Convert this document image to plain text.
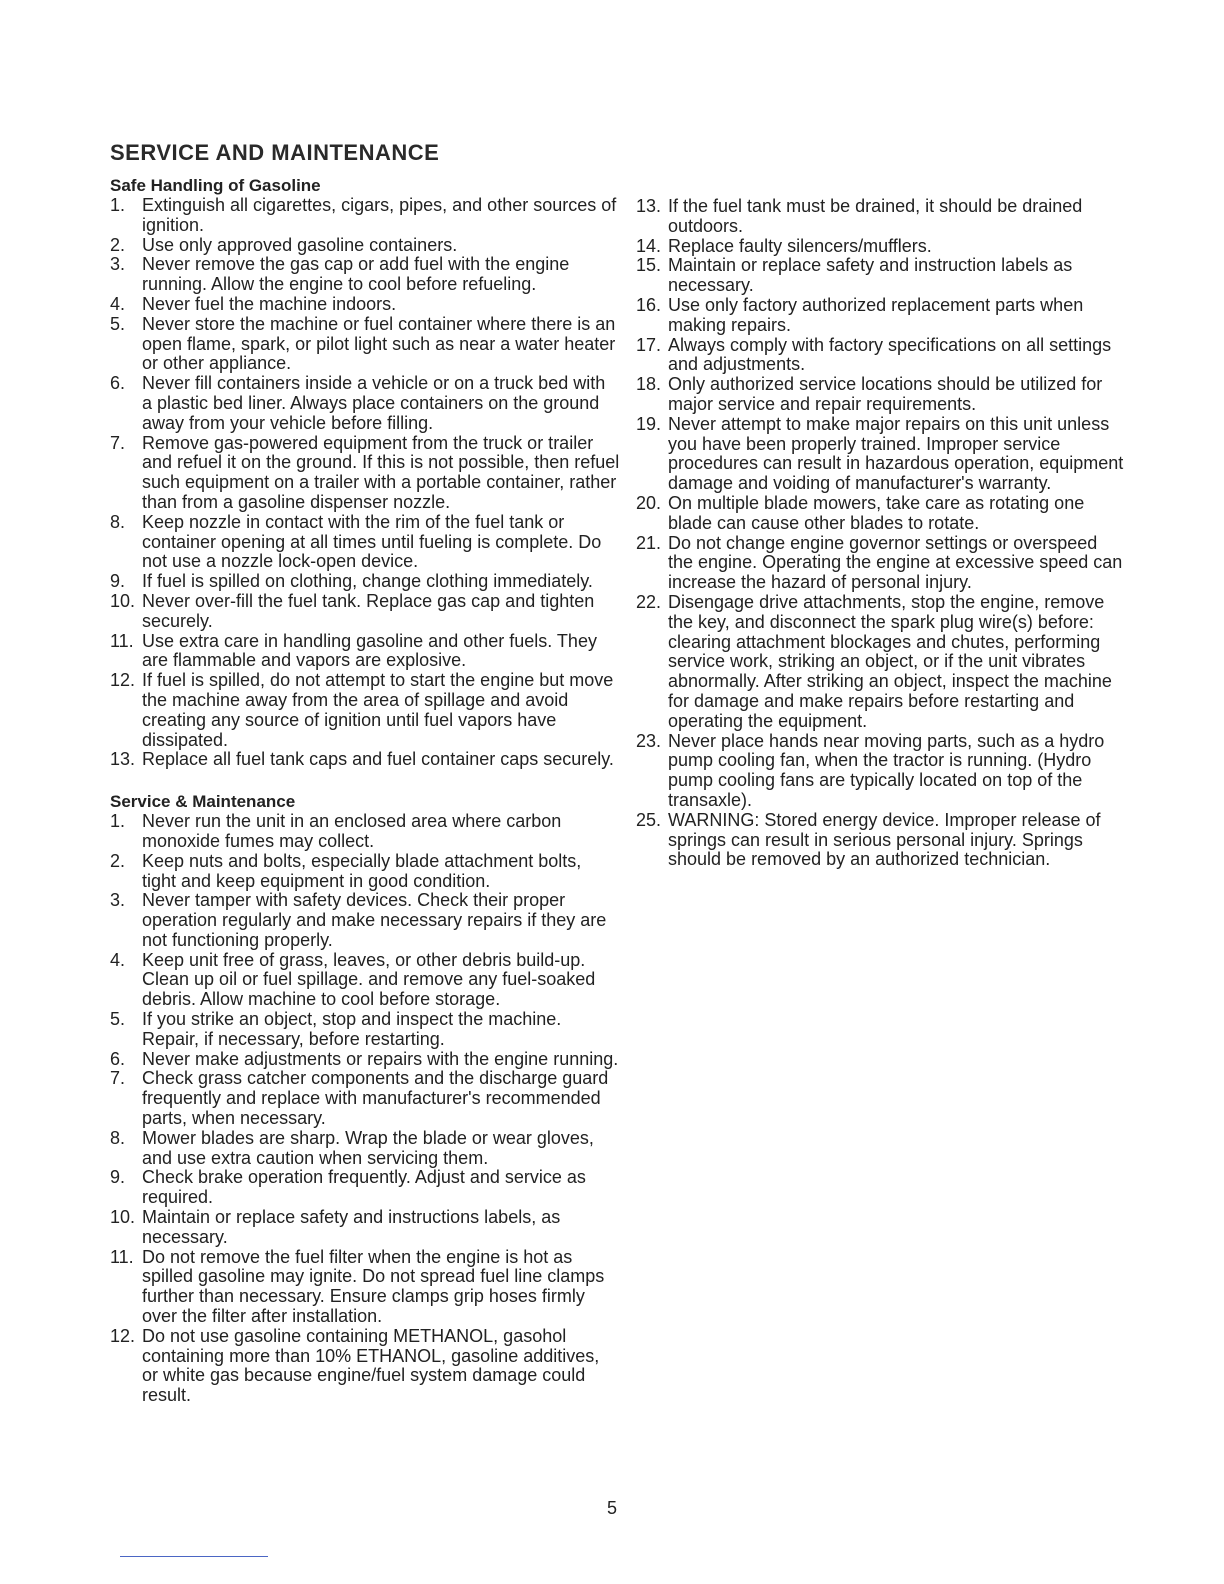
SERVICE AND MAINTENANCE
Safe Handling of Gasoline
1. Extinguish all cigarettes, cigars, pipes, and other sources of ignition.
2. Use only approved gasoline containers.
3. Never remove the gas cap or add fuel with the engine running. Allow the engine to cool before refueling.
4. Never fuel the machine indoors.
5. Never store the machine or fuel container where there is an open flame, spark, or pilot light such as near a water heater or other appliance.
6. Never fill containers inside a vehicle or on a truck bed with a plastic bed liner. Always place containers on the ground away from your vehicle before filling.
7. Remove gas-powered equipment from the truck or trailer and refuel it on the ground. If this is not possible, then refuel such equipment on a trailer with a portable container, rather than from a gasoline dispenser nozzle.
8. Keep nozzle in contact with the rim of the fuel tank or container opening at all times until fueling is complete. Do not use a nozzle lock-open device.
9. If fuel is spilled on clothing, change clothing immediately.
10. Never over-fill the fuel tank. Replace gas cap and tighten securely.
11. Use extra care in handling gasoline and other fuels. They are flammable and vapors are explosive.
12. If fuel is spilled, do not attempt to start the engine but move the machine away from the area of spillage and avoid creating any source of ignition until fuel vapors have dissipated.
13. Replace all fuel tank caps and fuel container caps securely.
Service & Maintenance
1. Never run the unit in an enclosed area where carbon monoxide fumes may collect.
2. Keep nuts and bolts, especially blade attachment bolts, tight and keep equipment in good condition.
3. Never tamper with safety devices. Check their proper operation regularly and make necessary repairs if they are not functioning properly.
4. Keep unit free of grass, leaves, or other debris build-up. Clean up oil or fuel spillage. and remove any fuel-soaked debris. Allow machine to cool before storage.
5. If you strike an object, stop and inspect the machine. Repair, if necessary, before restarting.
6. Never make adjustments or repairs with the engine running.
7. Check grass catcher components and the discharge guard frequently and replace with manufacturer's recommended parts, when necessary.
8. Mower blades are sharp. Wrap the blade or wear gloves, and use extra caution when servicing them.
9. Check brake operation frequently. Adjust and service as required.
10. Maintain or replace safety and instructions labels, as necessary.
11. Do not remove the fuel filter when the engine is hot as spilled gasoline may ignite. Do not spread fuel line clamps further than necessary. Ensure clamps grip hoses firmly over the filter after installation.
12. Do not use gasoline containing METHANOL, gasohol containing more than 10% ETHANOL, gasoline additives, or white gas because engine/fuel system damage could result.
13. If the fuel tank must be drained, it should be drained outdoors.
14. Replace faulty silencers/mufflers.
15. Maintain or replace safety and instruction labels as necessary.
16. Use only factory authorized replacement parts when making repairs.
17. Always comply with factory specifications on all settings and adjustments.
18. Only authorized service locations should be utilized for major service and repair requirements.
19. Never attempt to make major repairs on this unit unless you have been properly trained. Improper service procedures can result in hazardous operation, equipment damage and voiding of manufacturer's warranty.
20. On multiple blade mowers, take care as rotating one blade can cause other blades to rotate.
21. Do not change engine governor settings or overspeed the engine. Operating the engine at excessive speed can increase the hazard of personal injury.
22. Disengage drive attachments, stop the engine, remove the key, and disconnect the spark plug wire(s) before: clearing attachment blockages and chutes, performing service work, striking an object, or if the unit vibrates abnormally. After striking an object, inspect the machine for damage and make repairs before restarting and operating the equipment.
23. Never place hands near moving parts, such as a hydro pump cooling fan, when the tractor is running. (Hydro pump cooling fans are typically located on top of the transaxle).
25. WARNING: Stored energy device. Improper release of springs can result in serious personal injury. Springs should be removed by an authorized technician.
5
